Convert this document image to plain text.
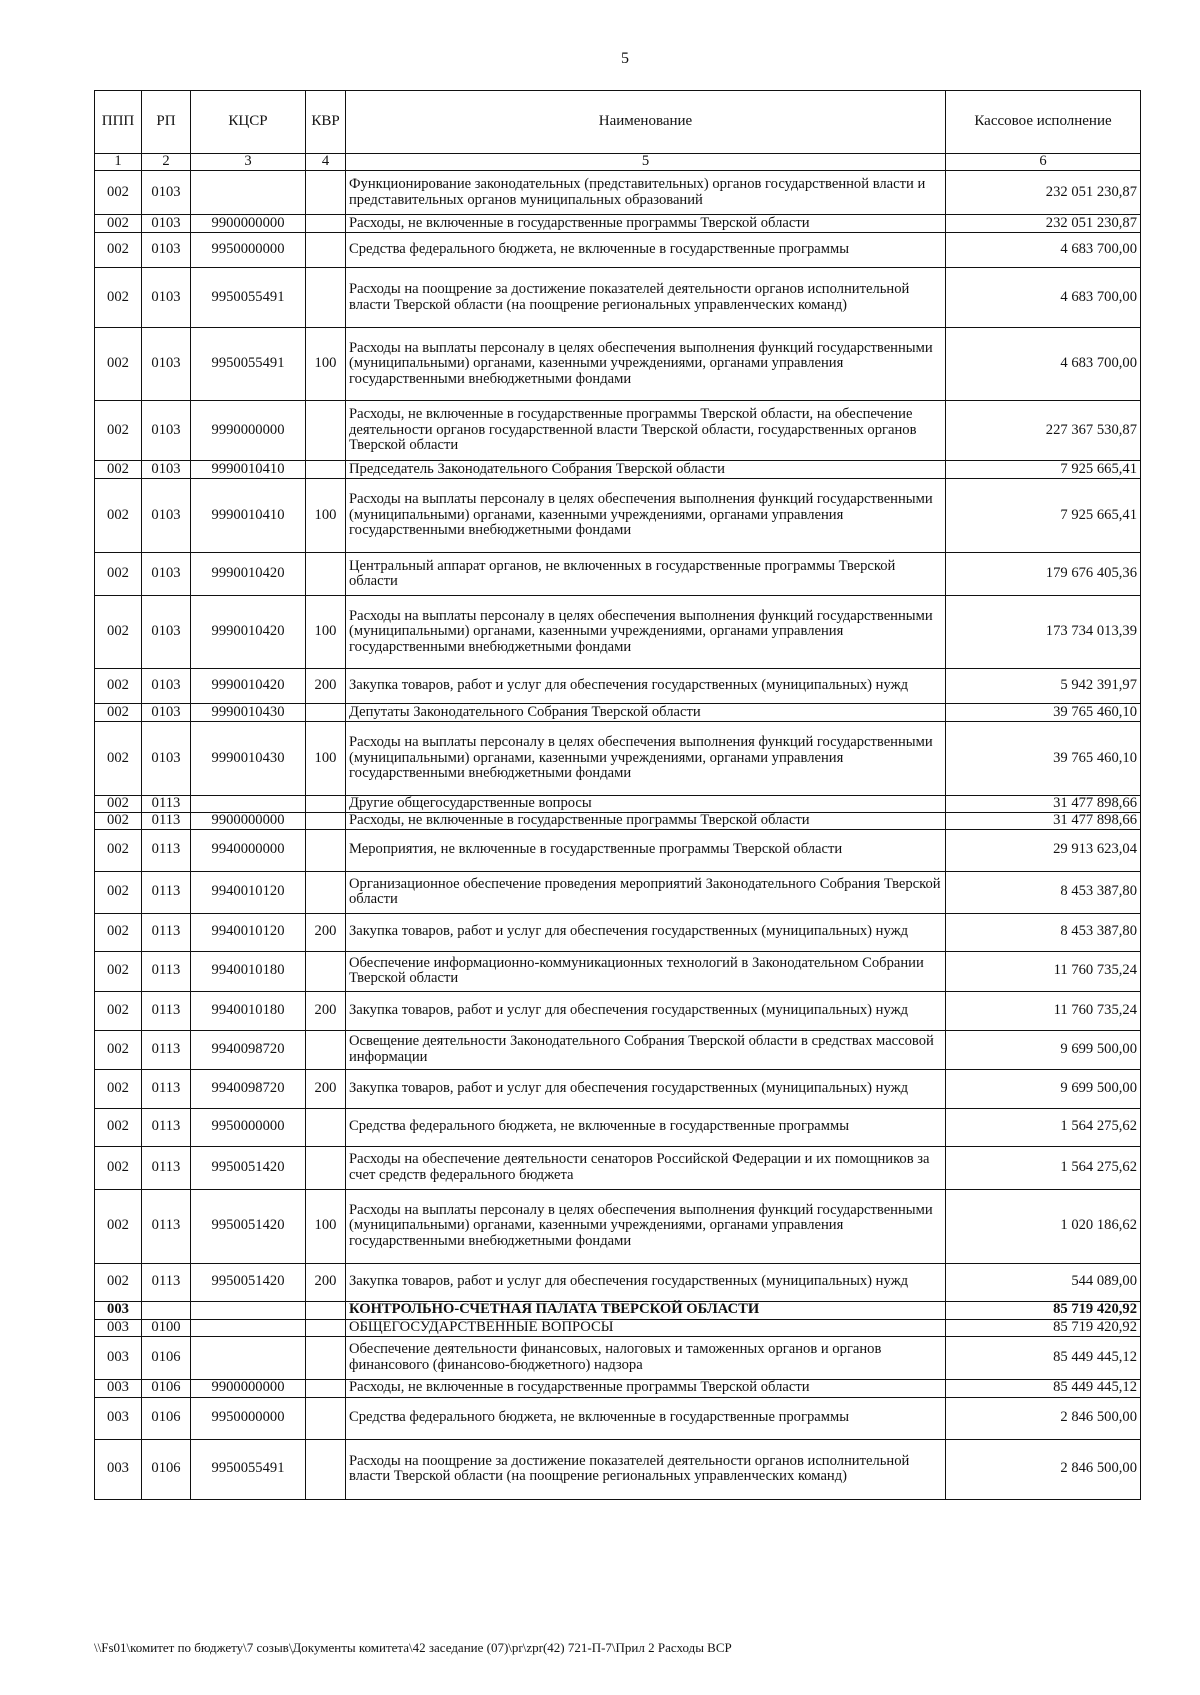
5
ППП	РП	КЦСР	КВР	Наименование	Кассовое исполнение
1	2	3	4	5	6
002	0103			Функционирование законодательных (представительных) органов государственной власти и представительных органов муниципальных образований	232 051 230,87
002	0103	9900000000		Расходы, не включенные в государственные программы Тверской области	232 051 230,87
002	0103	9950000000		Средства федерального бюджета, не включенные в государственные программы	4 683 700,00
002	0103	9950055491		Расходы на поощрение за достижение показателей деятельности органов исполнительной власти Тверской области (на поощрение региональных управленческих команд)	4 683 700,00
002	0103	9950055491	100	Расходы на выплаты персоналу в целях обеспечения выполнения функций государственными (муниципальными) органами, казенными учреждениями, органами управления государственными внебюджетными фондами	4 683 700,00
002	0103	9990000000		Расходы, не включенные в государственные программы Тверской области, на обеспечение деятельности органов государственной власти Тверской области, государственных органов Тверской области	227 367 530,87
002	0103	9990010410		Председатель Законодательного Собрания Тверской области	7 925 665,41
002	0103	9990010410	100	Расходы на выплаты персоналу в целях обеспечения выполнения функций государственными (муниципальными) органами, казенными учреждениями, органами управления государственными внебюджетными фондами	7 925 665,41
002	0103	9990010420		Центральный аппарат органов, не включенных в государственные программы Тверской области	179 676 405,36
002	0103	9990010420	100	Расходы на выплаты персоналу в целях обеспечения выполнения функций государственными (муниципальными) органами, казенными учреждениями, органами управления государственными внебюджетными фондами	173 734 013,39
002	0103	9990010420	200	Закупка товаров, работ и услуг для обеспечения государственных (муниципальных) нужд	5 942 391,97
002	0103	9990010430		Депутаты Законодательного Собрания Тверской области	39 765 460,10
002	0103	9990010430	100	Расходы на выплаты персоналу в целях обеспечения выполнения функций государственными (муниципальными) органами, казенными учреждениями, органами управления государственными внебюджетными фондами	39 765 460,10
002	0113			Другие общегосударственные вопросы	31 477 898,66
002	0113	9900000000		Расходы, не включенные в государственные программы Тверской области	31 477 898,66
002	0113	9940000000		Мероприятия, не включенные в государственные программы Тверской области	29 913 623,04
002	0113	9940010120		Организационное обеспечение проведения мероприятий Законодательного Собрания Тверской области	8 453 387,80
002	0113	9940010120	200	Закупка товаров, работ и услуг для обеспечения государственных (муниципальных) нужд	8 453 387,80
002	0113	9940010180		Обеспечение информационно-коммуникационных технологий в Законодательном Собрании Тверской области	11 760 735,24
002	0113	9940010180	200	Закупка товаров, работ и услуг для обеспечения государственных (муниципальных) нужд	11 760 735,24
002	0113	9940098720		Освещение деятельности Законодательного Собрания Тверской области в средствах массовой информации	9 699 500,00
002	0113	9940098720	200	Закупка товаров, работ и услуг для обеспечения государственных (муниципальных) нужд	9 699 500,00
002	0113	9950000000		Средства федерального бюджета, не включенные в государственные программы	1 564 275,62
002	0113	9950051420		Расходы на обеспечение деятельности сенаторов Российской Федерации и их помощников за счет средств федерального бюджета	1 564 275,62
002	0113	9950051420	100	Расходы на выплаты персоналу в целях обеспечения выполнения функций государственными (муниципальными) органами, казенными учреждениями, органами управления государственными внебюджетными фондами	1 020 186,62
002	0113	9950051420	200	Закупка товаров, работ и услуг для обеспечения государственных (муниципальных) нужд	544 089,00
003				КОНТРОЛЬНО-СЧЕТНАЯ ПАЛАТА ТВЕРСКОЙ ОБЛАСТИ	85 719 420,92
003	0100			ОБЩЕГОСУДАРСТВЕННЫЕ ВОПРОСЫ	85 719 420,92
003	0106			Обеспечение деятельности финансовых, налоговых и таможенных органов и органов финансового (финансово-бюджетного) надзора	85 449 445,12
003	0106	9900000000		Расходы, не включенные в государственные программы Тверской области	85 449 445,12
003	0106	9950000000		Средства федерального бюджета, не включенные в государственные программы	2 846 500,00
003	0106	9950055491		Расходы на поощрение за достижение показателей деятельности органов исполнительной власти Тверской области (на поощрение региональных управленческих команд)	2 846 500,00
\\Fs01\комитет по бюджету\7 созыв\Документы комитета\42 заседание (07)\pr\zpr(42) 721-П-7\Прил 2 Расходы ВСР
